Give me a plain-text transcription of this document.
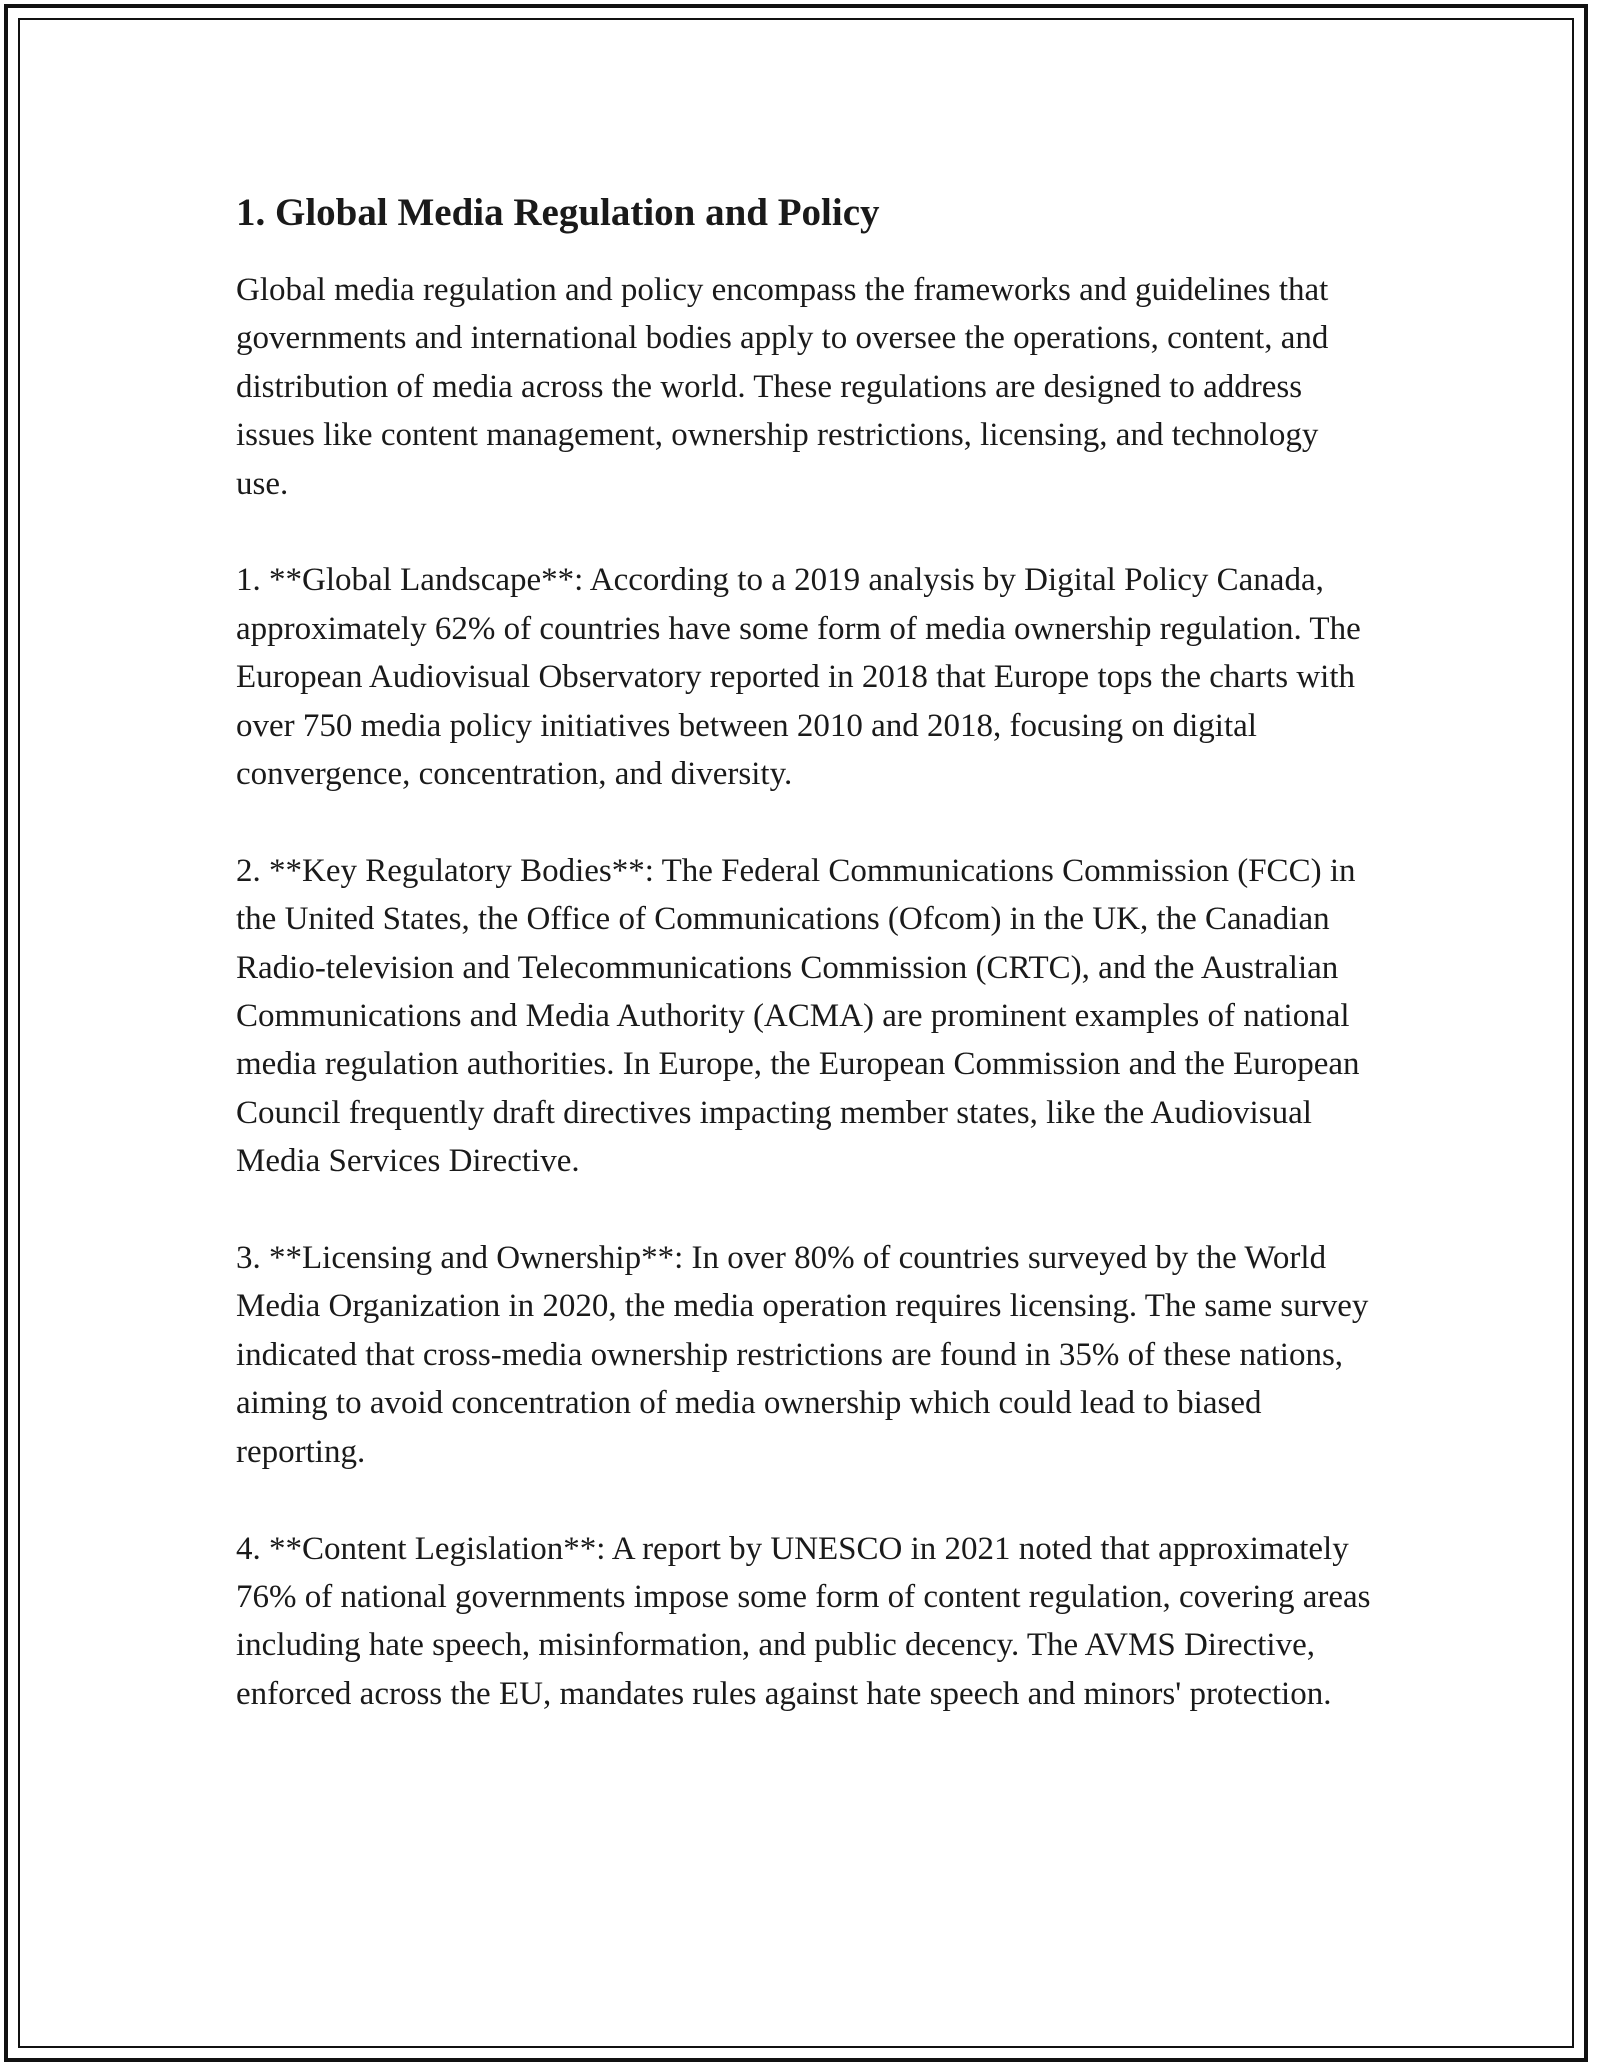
1. Global Media Regulation and Policy

Global media regulation and policy encompass the frameworks and guidelines that governments and international bodies apply to oversee the operations, content, and distribution of media across the world. These regulations are designed to address issues like content management, ownership restrictions, licensing, and technology use.

1. **Global Landscape**: According to a 2019 analysis by Digital Policy Canada, approximately 62% of countries have some form of media ownership regulation. The European Audiovisual Observatory reported in 2018 that Europe tops the charts with over 750 media policy initiatives between 2010 and 2018, focusing on digital convergence, concentration, and diversity.

2. **Key Regulatory Bodies**: The Federal Communications Commission (FCC) in the United States, the Office of Communications (Ofcom) in the UK, the Canadian Radio-television and Telecommunications Commission (CRTC), and the Australian Communications and Media Authority (ACMA) are prominent examples of national media regulation authorities. In Europe, the European Commission and the European Council frequently draft directives impacting member states, like the Audiovisual Media Services Directive.

3. **Licensing and Ownership**: In over 80% of countries surveyed by the World Media Organization in 2020, the media operation requires licensing. The same survey indicated that cross-media ownership restrictions are found in 35% of these nations, aiming to avoid concentration of media ownership which could lead to biased reporting.

4. **Content Legislation**: A report by UNESCO in 2021 noted that approximately 76% of national governments impose some form of content regulation, covering areas including hate speech, misinformation, and public decency. The AVMS Directive, enforced across the EU, mandates rules against hate speech and minors' protection.
